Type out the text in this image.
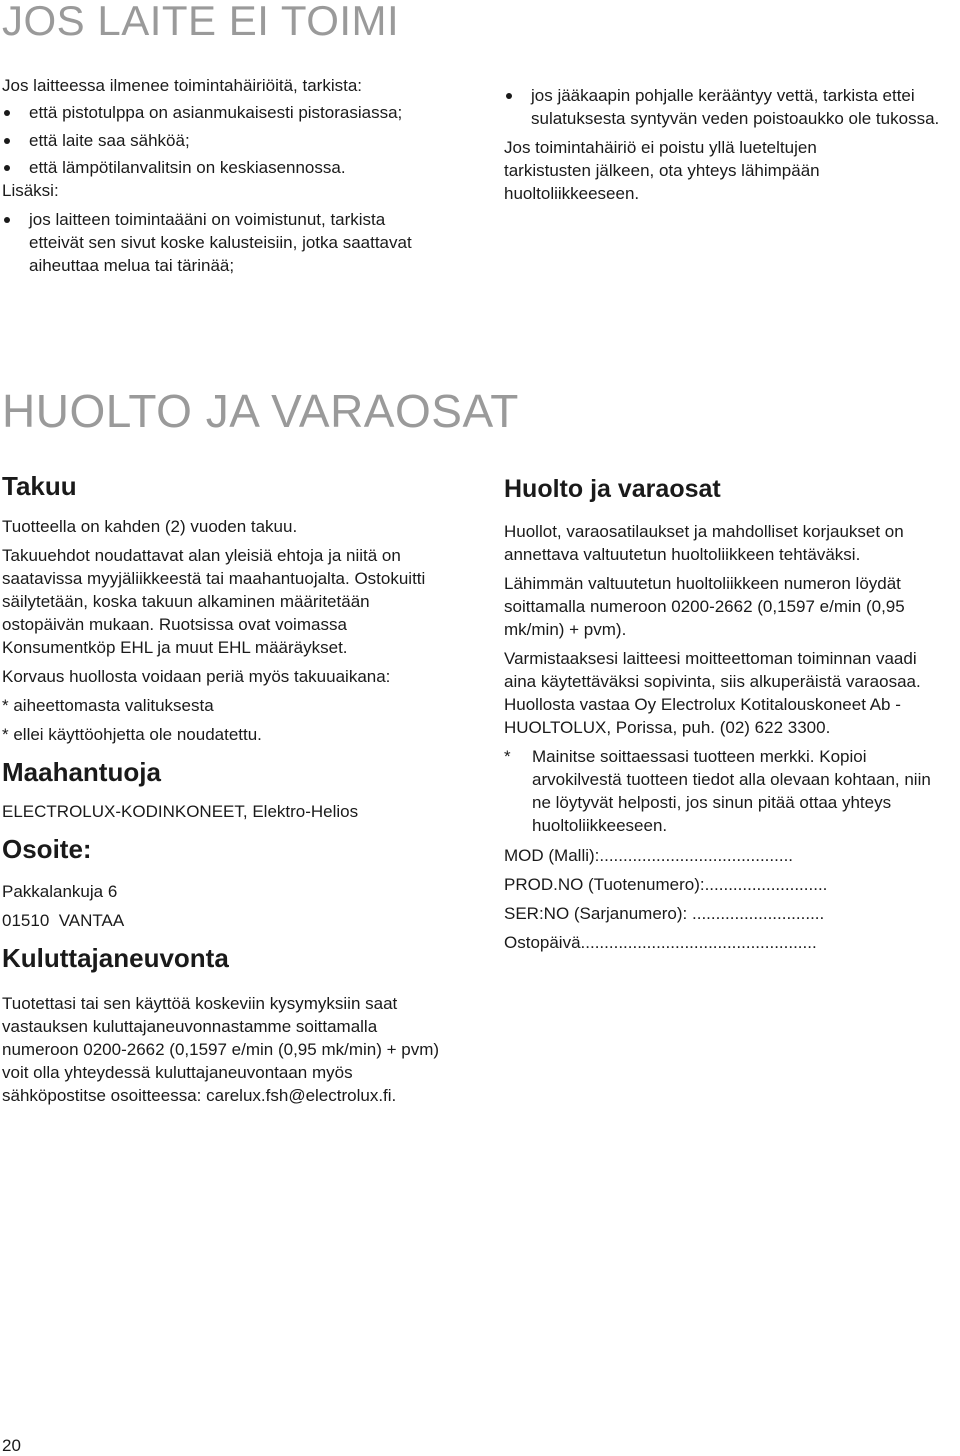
JOS LAITE EI TOIMI

Jos laitteessa ilmenee toimintahäiriöitä, tarkista:

että pistotulppa on asianmukaisesti pistorasiassa;
että laite saa sähköä;
että lämpötilanvalitsin on keskiasennossa.

Lisäksi:

jos laitteen toimintaääni on voimistunut, tarkista etteivät sen sivut koske kalusteisiin, jotka saattavat aiheuttaa melua tai tärinää;
jos jääkaapin pohjalle kerääntyy vettä, tarkista ettei sulatuksesta syntyvän veden poistoaukko ole tukossa.

Jos toimintahäiriö ei poistu yllä lueteltujen tarkistusten jälkeen, ota yhteys lähimpään huoltoliikkeeseen.

HUOLTO JA VARAOSAT
Takuu

Tuotteella on kahden (2) vuoden takuu.

Takuuehdot noudattavat alan yleisiä ehtoja ja niitä on saatavissa myyjäliikkeestä tai maahantuojalta. Ostokuitti säilytetään, koska takuun alkaminen määritetään ostopäivän mukaan. Ruotsissa ovat voimassa Konsumentköp EHL ja muut EHL määräykset.

Korvaus huollosta voidaan periä myös takuuaikana:

* aiheettomasta valituksesta

* ellei käyttöohjetta ole noudatettu.

Maahantuoja

ELECTROLUX-KODINKONEET, Elektro-Helios

Osoite:

Pakkalankuja 6

01510  VANTAA

Kuluttajaneuvonta

Tuotettasi tai sen käyttöä koskeviin kysymyksiin saat vastauksen kuluttajaneuvonnastamme soittamalla numeroon 0200-2662 (0,1597 e/min (0,95 mk/min) + pvm) voit olla yhteydessä kuluttajaneuvontaan myös sähköpostitse osoitteessa: carelux.fsh@electrolux.fi.

Huolto ja varaosat

Huollot, varaosatilaukset ja mahdolliset korjaukset on annettava valtuutetun huoltoliikkeen tehtäväksi.

Lähimmän valtuutetun huoltoliikkeen numeron löydät soittamalla numeroon 0200-2662 (0,1597 e/min (0,95 mk/min) + pvm).

Varmistaaksesi laitteesi moitteettoman toiminnan vaadi aina käytettäväksi sopivinta, siis alkuperäistä varaosaa. Huollosta vastaa Oy Electrolux Kotitalouskoneet Ab - HUOLTOLUX, Porissa, puh. (02) 622 3300.

* Mainitse soittaessasi tuotteen merkki. Kopioi arvokilvestä tuotteen tiedot alla olevaan kohtaan, niin ne löytyvät helposti, jos sinun pitää ottaa yhteys huoltoliikkeeseen.

MOD (Malli):.........................................

PROD.NO (Tuotenumero):..........................

SER:NO (Sarjanumero): ............................

Ostopäivä..................................................

20
